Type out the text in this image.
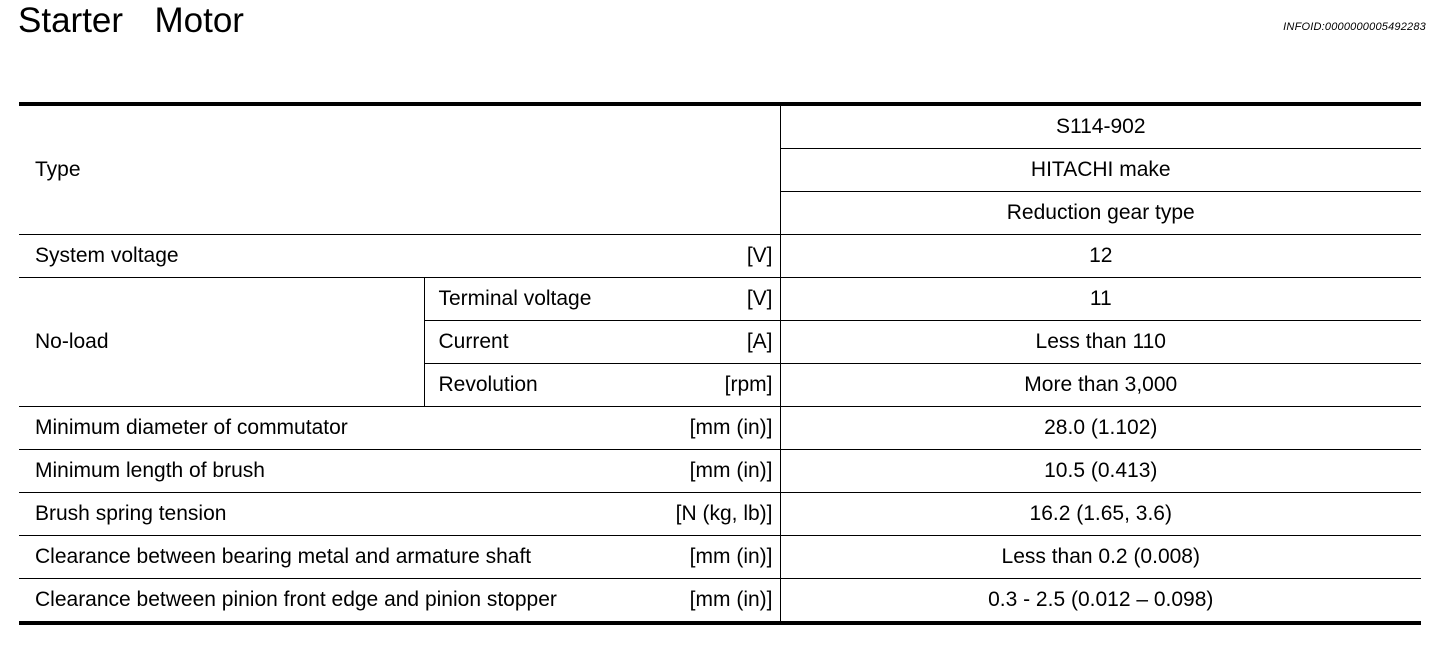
Starter  Motor	INFOID:0000000005492283
Type		S114-902
		HITACHI make
		Reduction gear type
System voltage	[V]	12
No-load	Terminal voltage [V]	11

	Current [A]	Less than 110

	Revolution [rpm]	More than 3,000
Minimum diameter of commutator	[mm (in)]	28.0 (1.102)
Minimum length of brush	[mm (in)]	10.5 (0.413)
Brush spring tension	[N (kg, lb)]	16.2 (1.65, 3.6)
Clearance between bearing metal and armature shaft	[mm (in)]	Less than 0.2 (0.008)
Clearance between pinion front edge and pinion stopper	[mm (in)]	0.3 - 2.5 (0.012 – 0.098)
